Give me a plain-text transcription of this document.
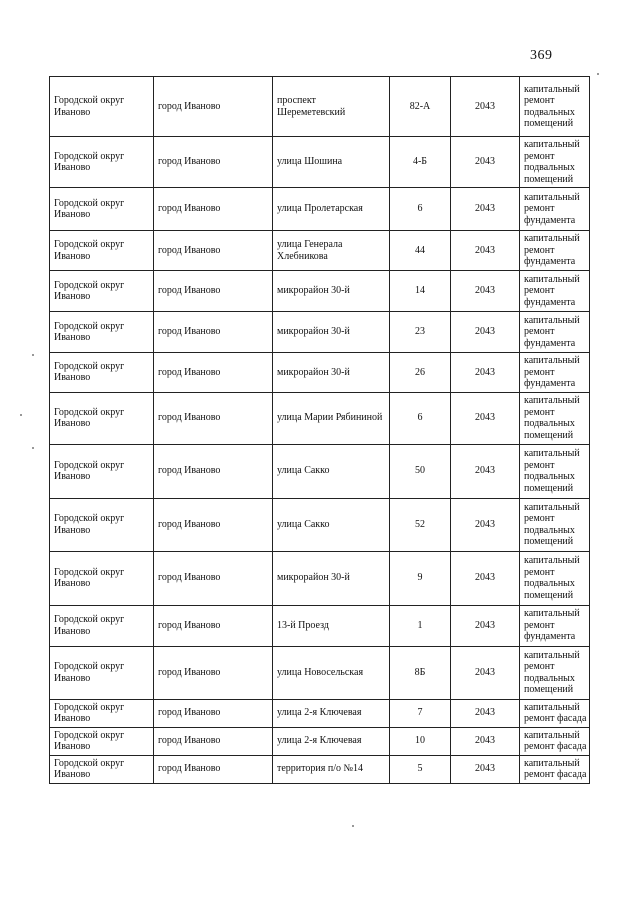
369
Городской округ Иваново	город Иваново	проспект Шереметевский	82-А	2043	капитальный ремонт подвальных помещений
Городской округ Иваново	город Иваново	улица Шошина	4-Б	2043	капитальный ремонт подвальных помещений
Городской округ Иваново	город Иваново	улица Пролетарская	6	2043	капитальный ремонт фундамента
Городской округ Иваново	город Иваново	улица Генерала Хлебникова	44	2043	капитальный ремонт фундамента
Городской округ Иваново	город Иваново	микрорайон 30-й	14	2043	капитальный ремонт фундамента
Городской округ Иваново	город Иваново	микрорайон 30-й	23	2043	капитальный ремонт фундамента
Городской округ Иваново	город Иваново	микрорайон 30-й	26	2043	капитальный ремонт фундамента
Городской округ Иваново	город Иваново	улица Марии Рябининой	6	2043	капитальный ремонт подвальных помещений
Городской округ Иваново	город Иваново	улица Сакко	50	2043	капитальный ремонт подвальных помещений
Городской округ Иваново	город Иваново	улица Сакко	52	2043	капитальный ремонт подвальных помещений
Городской округ Иваново	город Иваново	микрорайон 30-й	9	2043	капитальный ремонт подвальных помещений
Городской округ Иваново	город Иваново	13-й Проезд	1	2043	капитальный ремонт фундамента
Городской округ Иваново	город Иваново	улица Новосельская	8Б	2043	капитальный ремонт подвальных помещений
Городской округ Иваново	город Иваново	улица 2-я Ключевая	7	2043	капитальный ремонт фасада
Городской округ Иваново	город Иваново	улица 2-я Ключевая	10	2043	капитальный ремонт фасада
Городской округ Иваново	город Иваново	территория п/о №14	5	2043	капитальный ремонт фасада
